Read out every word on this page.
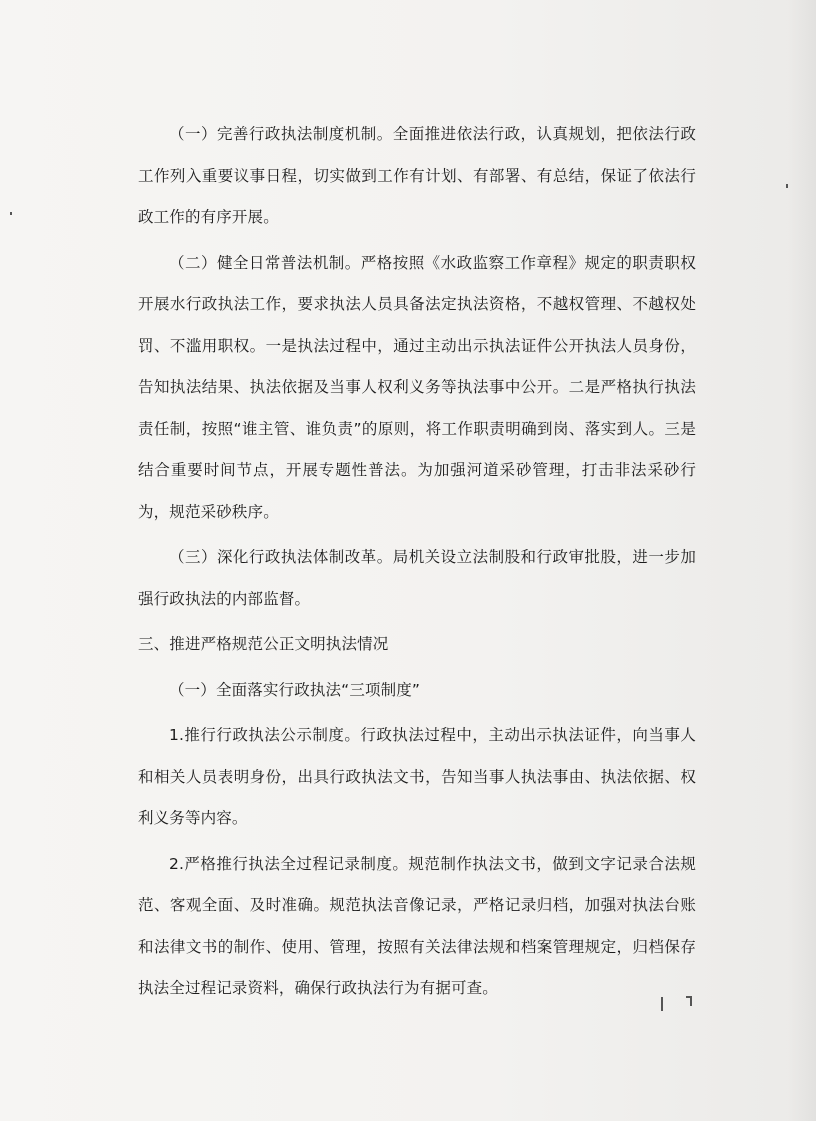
（一）完善行政执法制度机制。全面推进依法行政，认真规划，把依法行政工作列入重要议事日程，切实做到工作有计划、有部署、有总结，保证了依法行政工作的有序开展。

（二）健全日常普法机制。严格按照《水政监察工作章程》规定的职责职权开展水行政执法工作，要求执法人员具备法定执法资格，不越权管理、不越权处罚、不滥用职权。一是执法过程中，通过主动出示执法证件公开执法人员身份，告知执法结果、执法依据及当事人权利义务等执法事中公开。二是严格执行执法责任制，按照“谁主管、谁负责”的原则，将工作职责明确到岗、落实到人。三是结合重要时间节点，开展专题性普法。为加强河道采砂管理，打击非法采砂行为，规范采砂秩序。

（三）深化行政执法体制改革。局机关设立法制股和行政审批股，进一步加强行政执法的内部监督。

三、推进严格规范公正文明执法情况

（一）全面落实行政执法“三项制度”

1.推行行政执法公示制度。行政执法过程中，主动出示执法证件，向当事人和相关人员表明身份，出具行政执法文书，告知当事人执法事由、执法依据、权利义务等内容。

2.严格推行执法全过程记录制度。规范制作执法文书，做到文字记录合法规范、客观全面、及时准确。规范执法音像记录，严格记录归档，加强对执法台账和法律文书的制作、使用、管理，按照有关法律法规和档案管理规定，归档保存执法全过程记录资料，确保行政执法行为有据可查。
